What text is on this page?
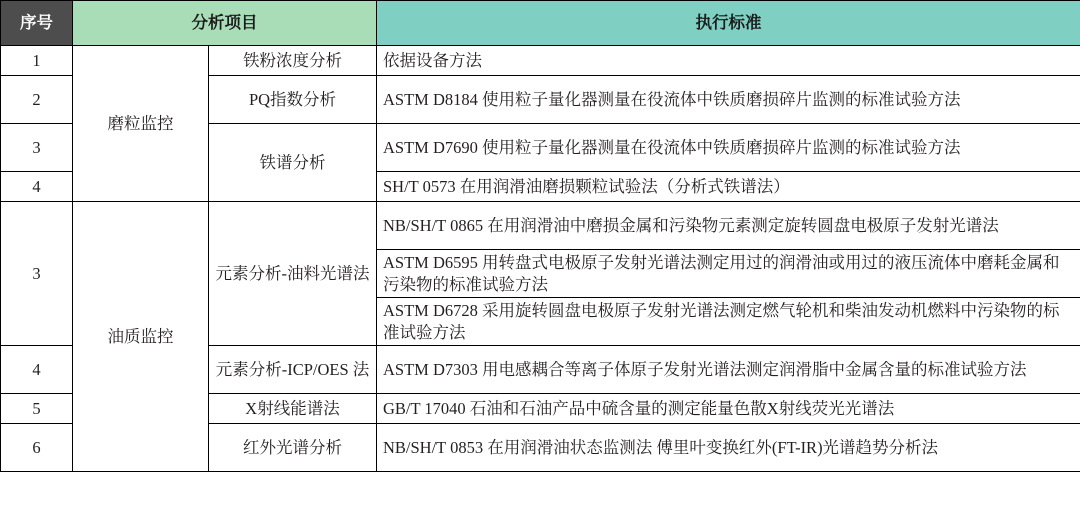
序号	分析项目		执行标准
1	磨粒监控	铁粉浓度分析	依据设备方法
2		PQ指数分析	ASTM D8184 使用粒子量化器测量在役流体中铁质磨损碎片监测的标准试验方法
3		铁谱分析	ASTM D7690 使用粒子量化器测量在役流体中铁质磨损碎片监测的标准试验方法
4			SH/T 0573 在用润滑油磨损颗粒试验法（分析式铁谱法）
3	油质监控	元素分析-油料光谱法	NB/SH/T 0865 在用润滑油中磨损金属和污染物元素测定旋转圆盘电极原子发射光谱法
			ASTM D6595 用转盘式电极原子发射光谱法测定用过的润滑油或用过的液压流体中磨耗金属和污染物的标准试验方法
			ASTM D6728 采用旋转圆盘电极原子发射光谱法测定燃气轮机和柴油发动机燃料中污染物的标准试验方法
4		元素分析-ICP/OES 法	ASTM D7303 用电感耦合等离子体原子发射光谱法测定润滑脂中金属含量的标准试验方法
5		X射线能谱法	GB/T 17040 石油和石油产品中硫含量的测定能量色散X射线荧光光谱法
6		红外光谱分析	NB/SH/T 0853 在用润滑油状态监测法 傅里叶变换红外(FT-IR)光谱趋势分析法
